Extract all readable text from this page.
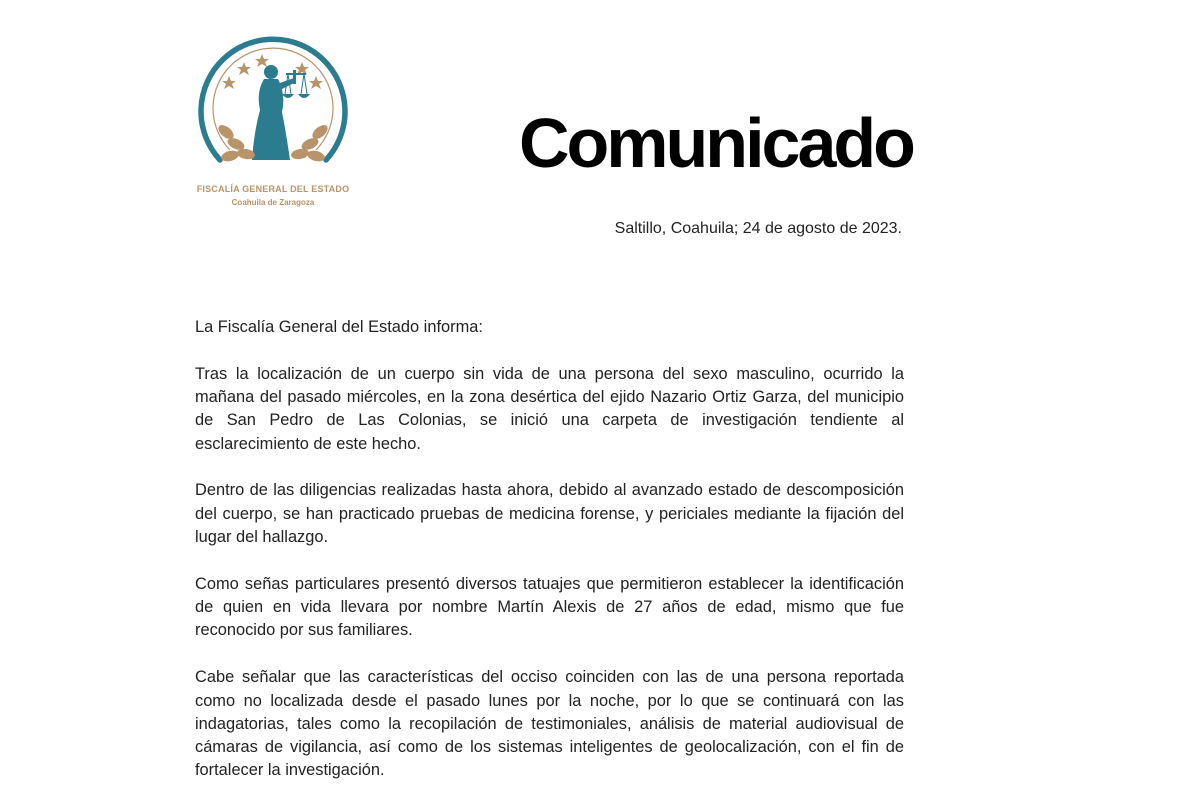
FISCALÍA GENERAL DEL ESTADO
Coahuila de Zaragoza
Comunicado
Saltillo, Coahuila; 24 de agosto de 2023.

La Fiscalía General del Estado informa:

Tras la localización de un cuerpo sin vida de una persona del sexo masculino, ocurrido la mañana del pasado miércoles, en la zona desértica del ejido Nazario Ortiz Garza, del municipio de San Pedro de Las Colonias, se inició una carpeta de investigación tendiente al esclarecimiento de este hecho.

Dentro de las diligencias realizadas hasta ahora, debido al avanzado estado de descomposición del cuerpo, se han practicado pruebas de medicina forense, y periciales mediante la fijación del lugar del hallazgo.

Como señas particulares presentó diversos tatuajes que permitieron establecer la identificación de quien en vida llevara por nombre Martín Alexis de 27 años de edad, mismo que fue reconocido por sus familiares.

Cabe señalar que las características del occiso coinciden con las de una persona reportada como no localizada desde el pasado lunes por la noche, por lo que se continuará con las indagatorias, tales como la recopilación de testimoniales, análisis de material audiovisual de cámaras de vigilancia, así como de los sistemas inteligentes de geolocalización, con el fin de fortalecer la investigación.
